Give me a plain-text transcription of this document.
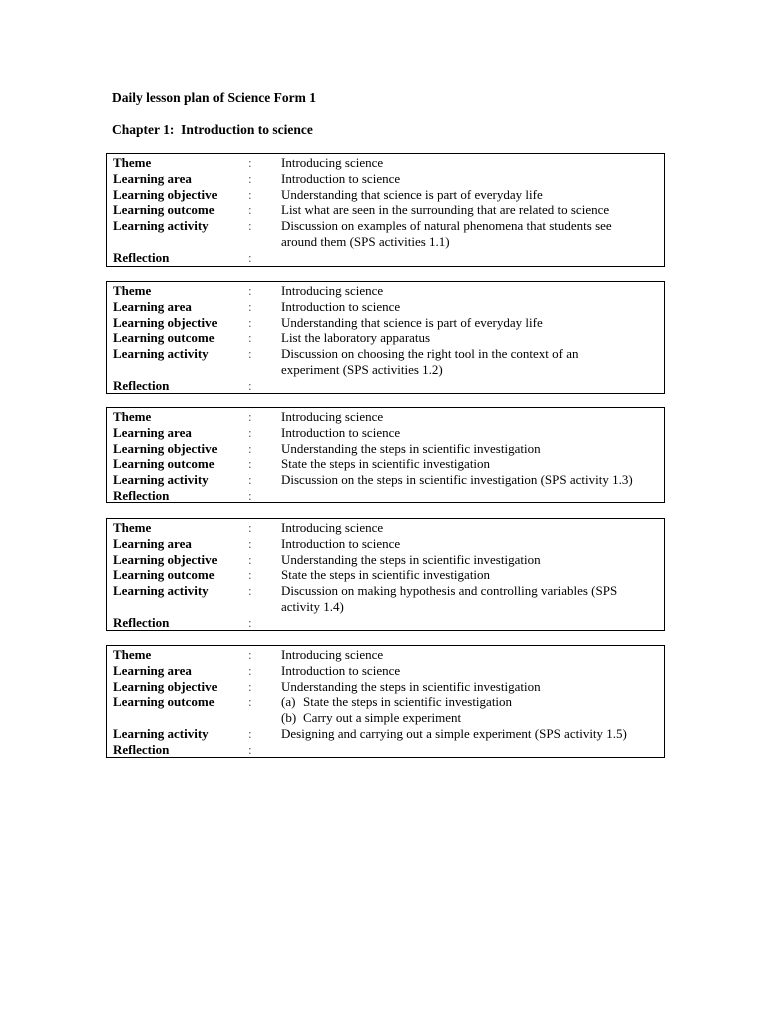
Daily lesson plan of Science Form 1
Chapter 1:  Introduction to science
Theme	:	Introducing science
Learning area	:	Introduction to science
Learning objective	:	Understanding that science is part of everyday life
Learning outcome	:	List what are seen in the surrounding that are related to science
Learning activity	:	Discussion on examples of natural phenomena that students see
around them (SPS activities 1.1)
Reflection	:
Theme	:	Introducing science
Learning area	:	Introduction to science
Learning objective	:	Understanding that science is part of everyday life
Learning outcome	:	List the laboratory apparatus
Learning activity	:	Discussion on choosing the right tool in the context of an
experiment (SPS activities 1.2)
Reflection	:
Theme	:	Introducing science
Learning area	:	Introduction to science
Learning objective	:	Understanding the steps in scientific investigation
Learning outcome	:	State the steps in scientific investigation
Learning activity	:	Discussion on the steps in scientific investigation (SPS activity 1.3)
Reflection	:
Theme	:	Introducing science
Learning area	:	Introduction to science
Learning objective	:	Understanding the steps in scientific investigation
Learning outcome	:	State the steps in scientific investigation
Learning activity	:	Discussion on making hypothesis and controlling variables (SPS
activity 1.4)
Reflection	:
Theme	:	Introducing science
Learning area	:	Introduction to science
Learning objective	:	Understanding the steps in scientific investigation
Learning outcome	:	(a) State the steps in scientific investigation
(b) Carry out a simple experiment
Learning activity	:	Designing and carrying out a simple experiment (SPS activity 1.5)
Reflection	:
